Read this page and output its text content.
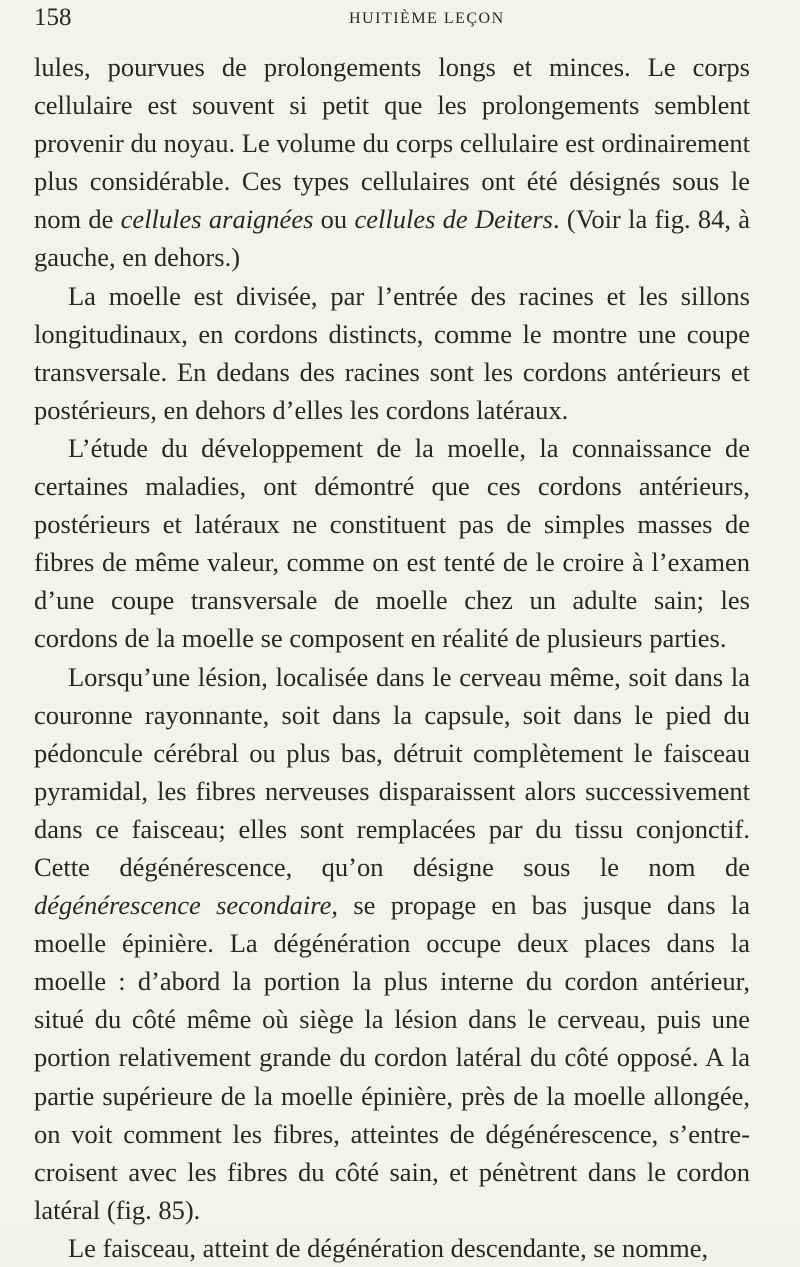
158	HUITIÈME LEÇON

lules, pourvues de prolongements longs et minces. Le corps cellulaire est souvent si petit que les prolongements semblent provenir du noyau. Le volume du corps cellulaire est ordinairement plus considérable. Ces types cellulaires ont été désignés sous le nom de cellules araignées ou cellules de Deiters. (Voir la fig. 84, à gauche, en dehors.)

La moelle est divisée, par l’entrée des racines et les sillons longitudinaux, en cordons distincts, comme le montre une coupe transversale. En dedans des racines sont les cordons antérieurs et postérieurs, en dehors d’elles les cordons latéraux.

L’étude du développement de la moelle, la connaissance de certaines maladies, ont démontré que ces cordons antérieurs, postérieurs et latéraux ne constituent pas de simples masses de fibres de même valeur, comme on est tenté de le croire à l’examen d’une coupe transversale de moelle chez un adulte sain; les cordons de la moelle se composent en réalité de plusieurs parties.

Lorsqu’une lésion, localisée dans le cerveau même, soit dans la couronne rayonnante, soit dans la capsule, soit dans le pied du pédoncule cérébral ou plus bas, détruit complètement le faisceau pyramidal, les fibres nerveuses disparaissent alors successivement dans ce faisceau; elles sont remplacées par du tissu conjonctif. Cette dégénérescence, qu’on désigne sous le nom de dégénérescence secondaire, se propage en bas jusque dans la moelle épinière. La dégénération occupe deux places dans la moelle : d’abord la portion la plus interne du cordon antérieur, situé du côté même où siège la lésion dans le cerveau, puis une portion relativement grande du cordon latéral du côté opposé. A la partie supérieure de la moelle épinière, près de la moelle allongée, on voit comment les fibres, atteintes de dégénérescence, s’entre-croisent avec les fibres du côté sain, et pénètrent dans le cordon latéral (fig. 85).

Le faisceau, atteint de dégénération descendante, se nomme,
